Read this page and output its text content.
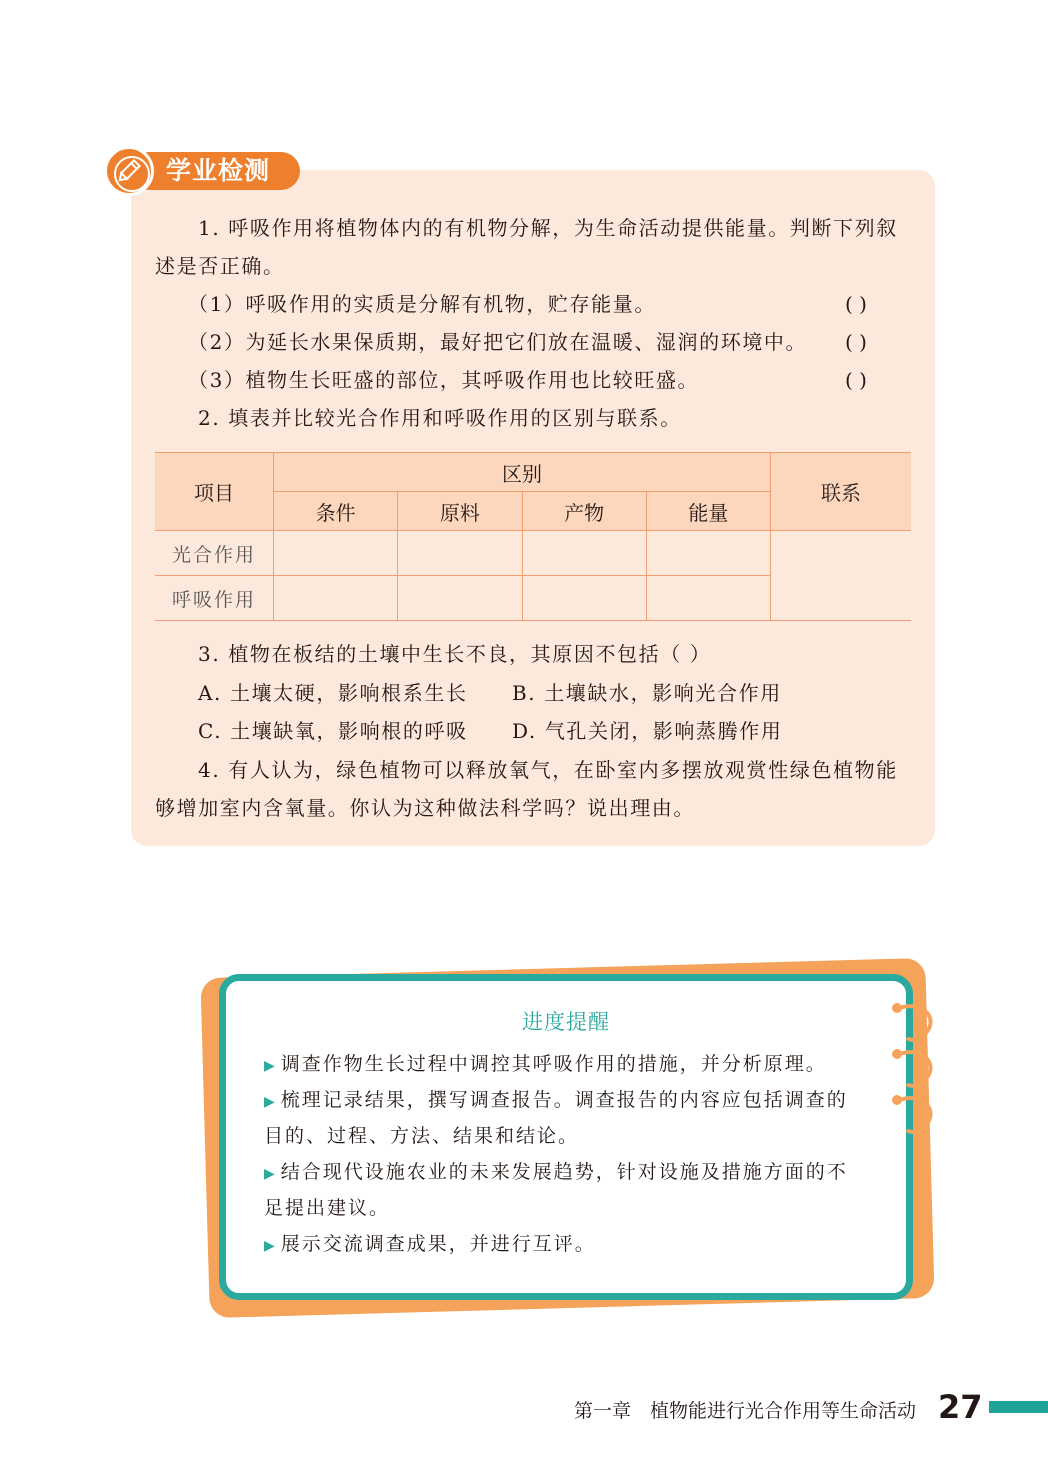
学业检测
1. 呼吸作用将植物体内的有机物分解，为生命活动提供能量。判断下列叙
述是否正确。
（1）呼吸作用的实质是分解有机物，贮存能量。	( )
（2）为延长水果保质期，最好把它们放在温暖、湿润的环境中。 ( )
（3）植物生长旺盛的部位，其呼吸作用也比较旺盛。	( )
2. 填表并比较光合作用和呼吸作用的区别与联系。
项目	区别				联系
	条件	原料	产物	能量	
光合作用					
呼吸作用					
3. 植物在板结的土壤中生长不良，其原因不包括（ ）
A. 土壤太硬，影响根系生长 B. 土壤缺水，影响光合作用
C. 土壤缺氧，影响根的呼吸 D. 气孔关闭，影响蒸腾作用
4. 有人认为，绿色植物可以释放氧气，在卧室内多摆放观赏性绿色植物能
够增加室内含氧量。你认为这种做法科学吗？说出理由。
进度提醒
▶ 调查作物生长过程中调控其呼吸作用的措施，并分析原理。
▶ 梳理记录结果，撰写调查报告。调查报告的内容应包括调查的
目的、过程、方法、结果和结论。
▶ 结合现代设施农业的未来发展趋势，针对设施及措施方面的不
足提出建议。
▶ 展示交流调查成果，并进行互评。
第一章　植物能进行光合作用等生命活动 27
